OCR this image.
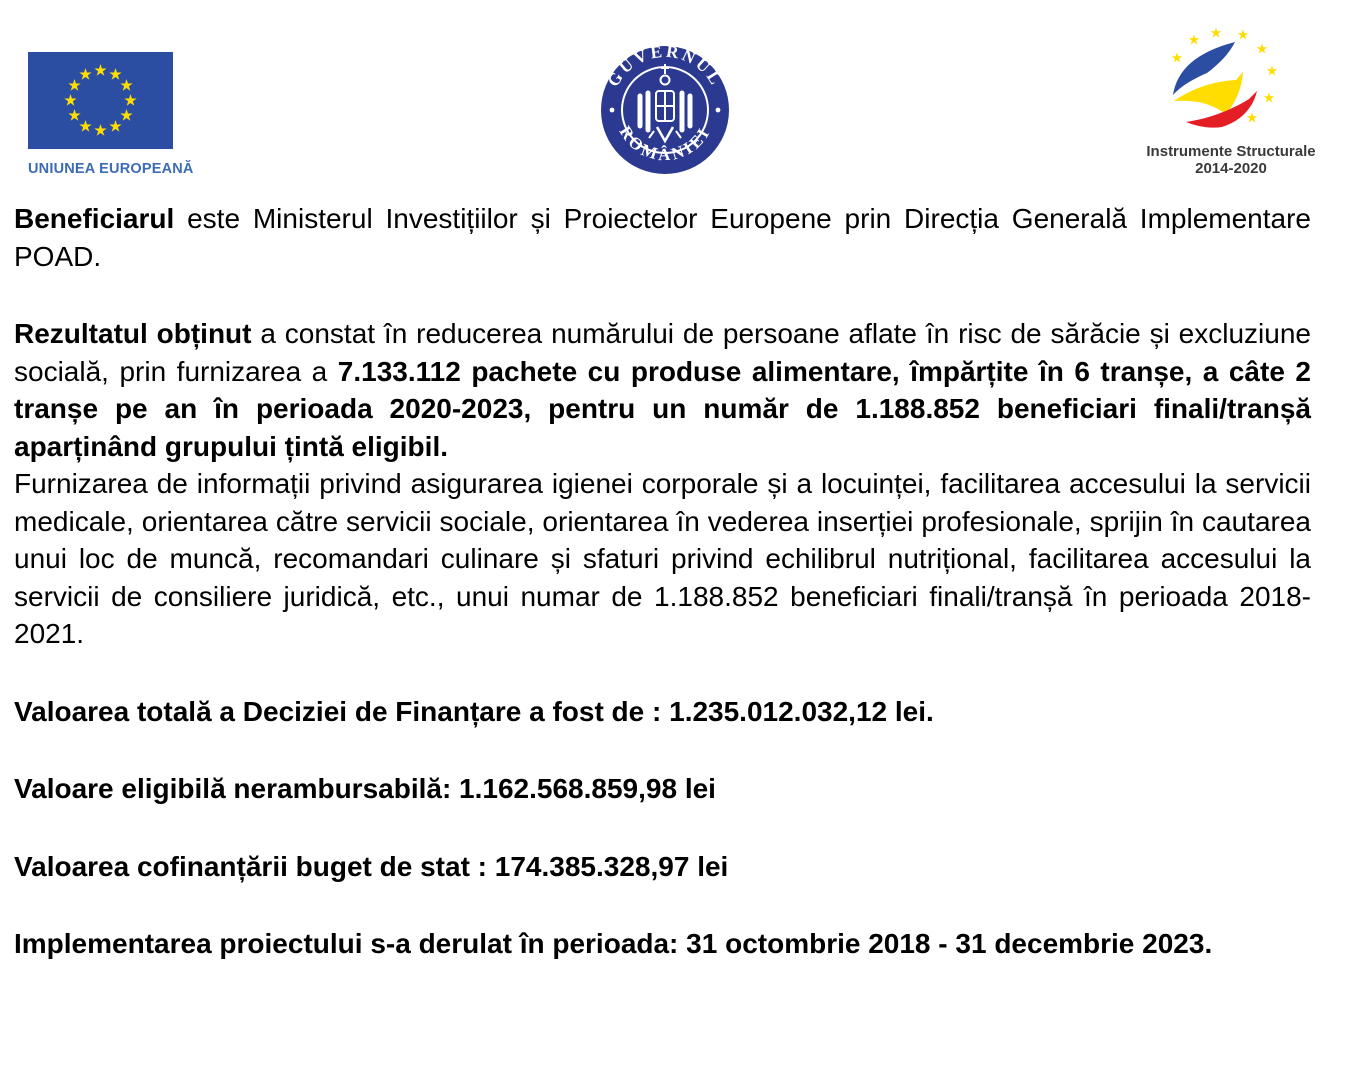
UNIUNEA EUROPEANĂ
GUVERNUL
ROMÂNIEI
Instrumente Structurale
2014-2020

Beneficiarul este Ministerul Investițiilor și Proiectelor Europene prin Direcția Generală Implementare POAD.

Rezultatul obținut a constat în reducerea numărului de persoane aflate în risc de sărăcie și excluziune socială, prin furnizarea a 7.133.112 pachete cu produse alimentare, împărțite în 6 tranșe, a câte 2 tranșe pe an în perioada 2020-2023, pentru un număr de 1.188.852 beneficiari finali/tranșă aparținând grupului țintă eligibil.

Furnizarea de informații privind asigurarea igienei corporale și a locuinței, facilitarea accesului la servicii medicale, orientarea către servicii sociale, orientarea în vederea inserției profesionale, sprijin în cautarea unui loc de muncă, recomandari culinare și sfaturi privind echilibrul nutrițional, facilitarea accesului la servicii de consiliere juridică, etc., unui numar de 1.188.852 beneficiari finali/tranșă în perioada 2018-2021.

Valoarea totală a Deciziei de Finanțare a fost de : 1.235.012.032,12 lei.

Valoare eligibilă nerambursabilă: 1.162.568.859,98 lei

Valoarea cofinanțării buget de stat : 174.385.328,97 lei

Implementarea proiectului s-a derulat în perioada: 31 octombrie 2018 - 31 decembrie 2023.
